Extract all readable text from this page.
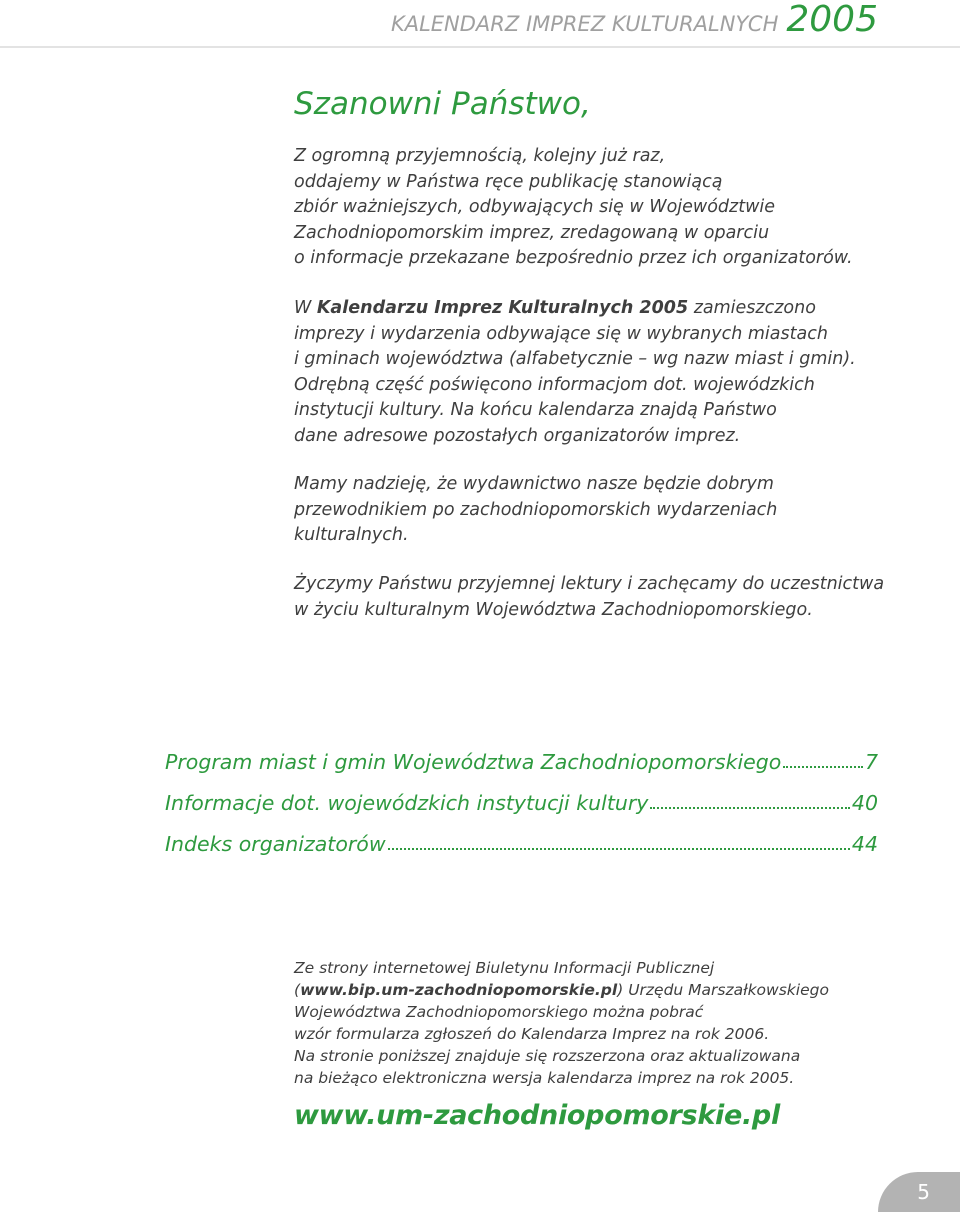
KALENDARZ IMPREZ KULTURALNYCH 2005
Szanowni Państwo,
Z ogromną przyjemnością, kolejny już raz,
oddajemy w Państwa ręce publikację stanowiącą
zbiór ważniejszych, odbywających się w Województwie
Zachodniopomorskim imprez, zredagowaną w oparciu
o informacje przekazane bezpośrednio przez ich organizatorów.
W Kalendarzu Imprez Kulturalnych 2005 zamieszczono
imprezy i wydarzenia odbywające się w wybranych miastach
i gminach województwa (alfabetycznie – wg nazw miast i gmin).
Odrębną część poświęcono informacjom dot. wojewódzkich
instytucji kultury. Na końcu kalendarza znajdą Państwo
dane adresowe pozostałych organizatorów imprez.
Mamy nadzieję, że wydawnictwo nasze będzie dobrym
przewodnikiem po zachodniopomorskich wydarzeniach
kulturalnych.
Życzymy Państwu przyjemnej lektury i zachęcamy do uczestnictwa
w życiu kulturalnym Województwa Zachodniopomorskiego.
Program miast i gmin Województwa Zachodniopomorskiego	7
Informacje dot. wojewódzkich instytucji kultury	40
Indeks organizatorów	44
Ze strony internetowej Biuletynu Informacji Publicznej
(www.bip.um-zachodniopomorskie.pl) Urzędu Marszałkowskiego
Województwa Zachodniopomorskiego można pobrać
wzór formularza zgłoszeń do Kalendarza Imprez na rok 2006.
Na stronie poniższej znajduje się rozszerzona oraz aktualizowana
na bieżąco elektroniczna wersja kalendarza imprez na rok 2005.
www.um-zachodniopomorskie.pl
5
